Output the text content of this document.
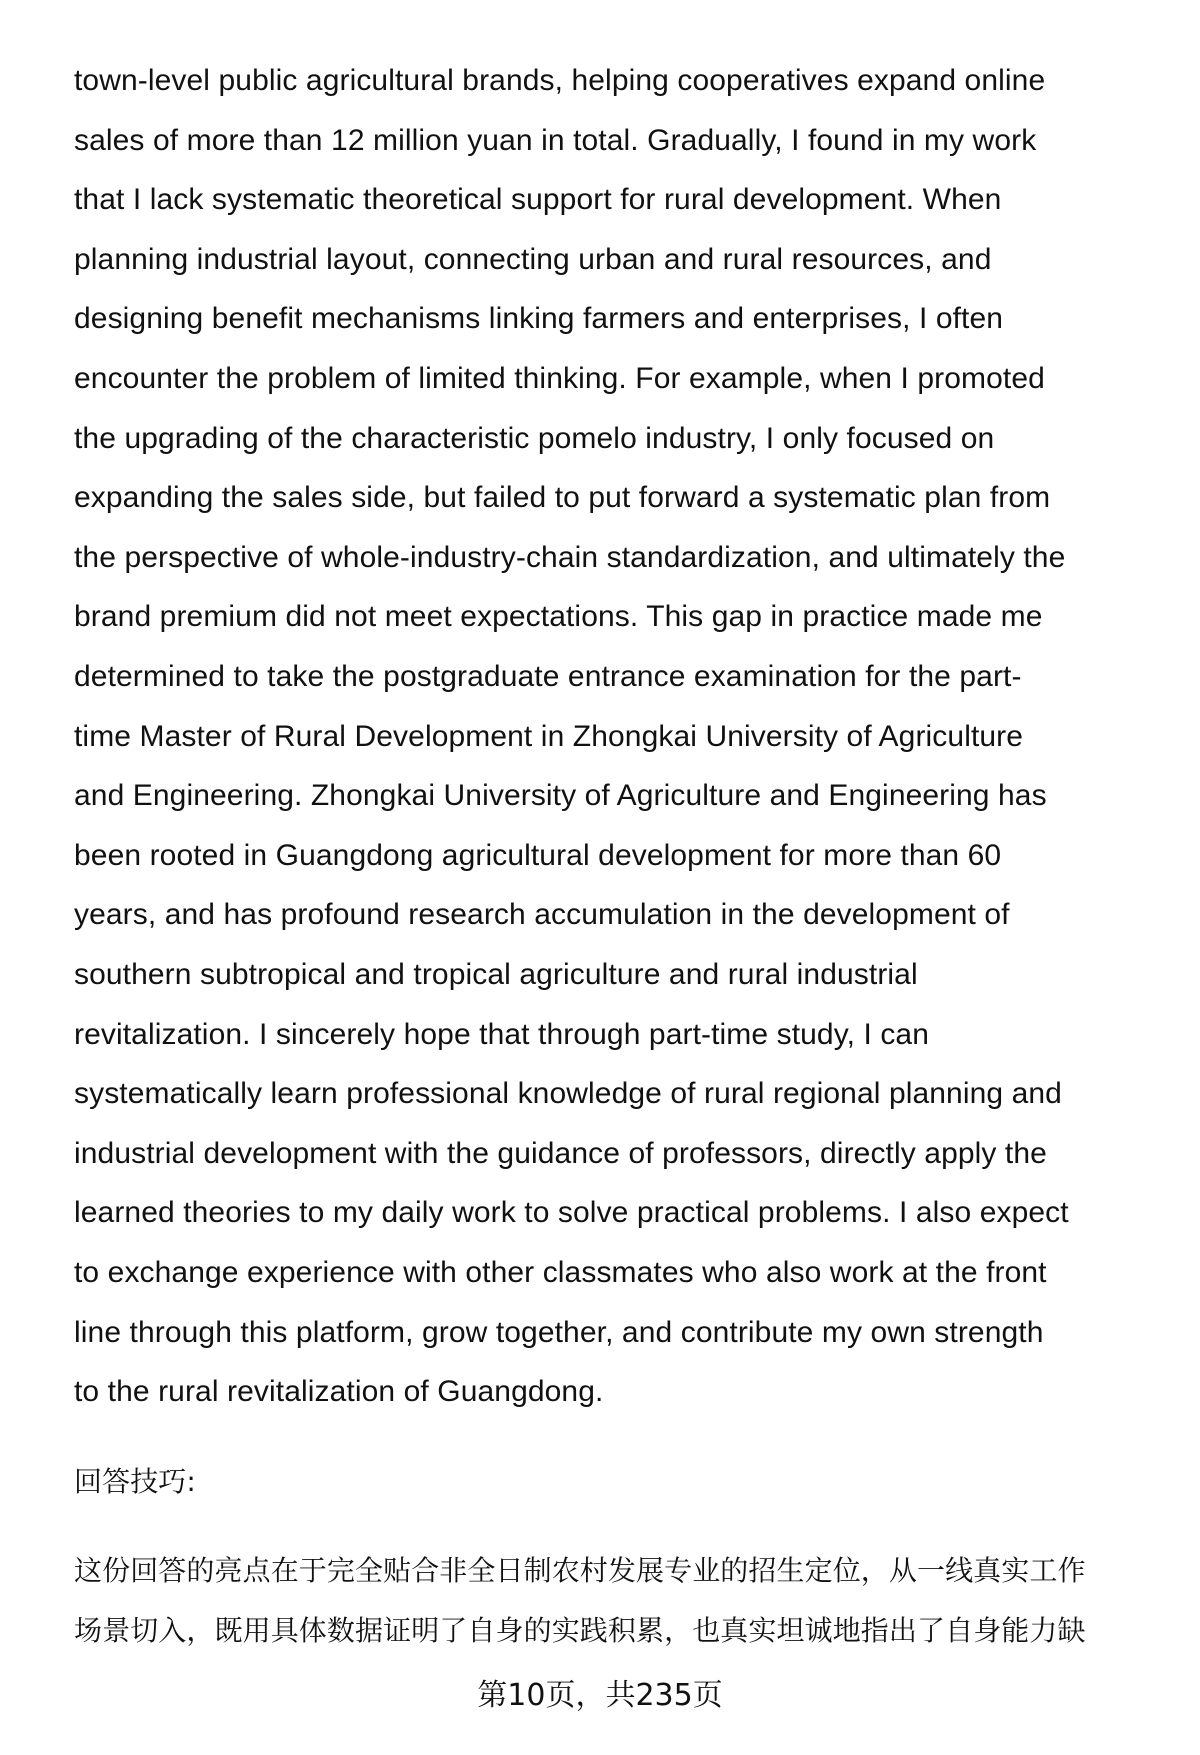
town-level public agricultural brands, helping cooperatives expand online
sales of more than 12 million yuan in total. Gradually, I found in my work
that I lack systematic theoretical support for rural development. When
planning industrial layout, connecting urban and rural resources, and
designing benefit mechanisms linking farmers and enterprises, I often
encounter the problem of limited thinking. For example, when I promoted
the upgrading of the characteristic pomelo industry, I only focused on
expanding the sales side, but failed to put forward a systematic plan from
the perspective of whole-industry-chain standardization, and ultimately the
brand premium did not meet expectations. This gap in practice made me
determined to take the postgraduate entrance examination for the part-
time Master of Rural Development in Zhongkai University of Agriculture
and Engineering. Zhongkai University of Agriculture and Engineering has
been rooted in Guangdong agricultural development for more than 60
years, and has profound research accumulation in the development of
southern subtropical and tropical agriculture and rural industrial
revitalization. I sincerely hope that through part-time study, I can
systematically learn professional knowledge of rural regional planning and
industrial development with the guidance of professors, directly apply the
learned theories to my daily work to solve practical problems. I also expect
to exchange experience with other classmates who also work at the front
line through this platform, grow together, and contribute my own strength
to the rural revitalization of Guangdong.
回答技巧:
这份回答的亮点在于完全贴合非全日制农村发展专业的招生定位，从一线真实工作
场景切入，既用具体数据证明了自身的实践积累，也真实坦诚地指出了自身能力缺
第10页，共235页
